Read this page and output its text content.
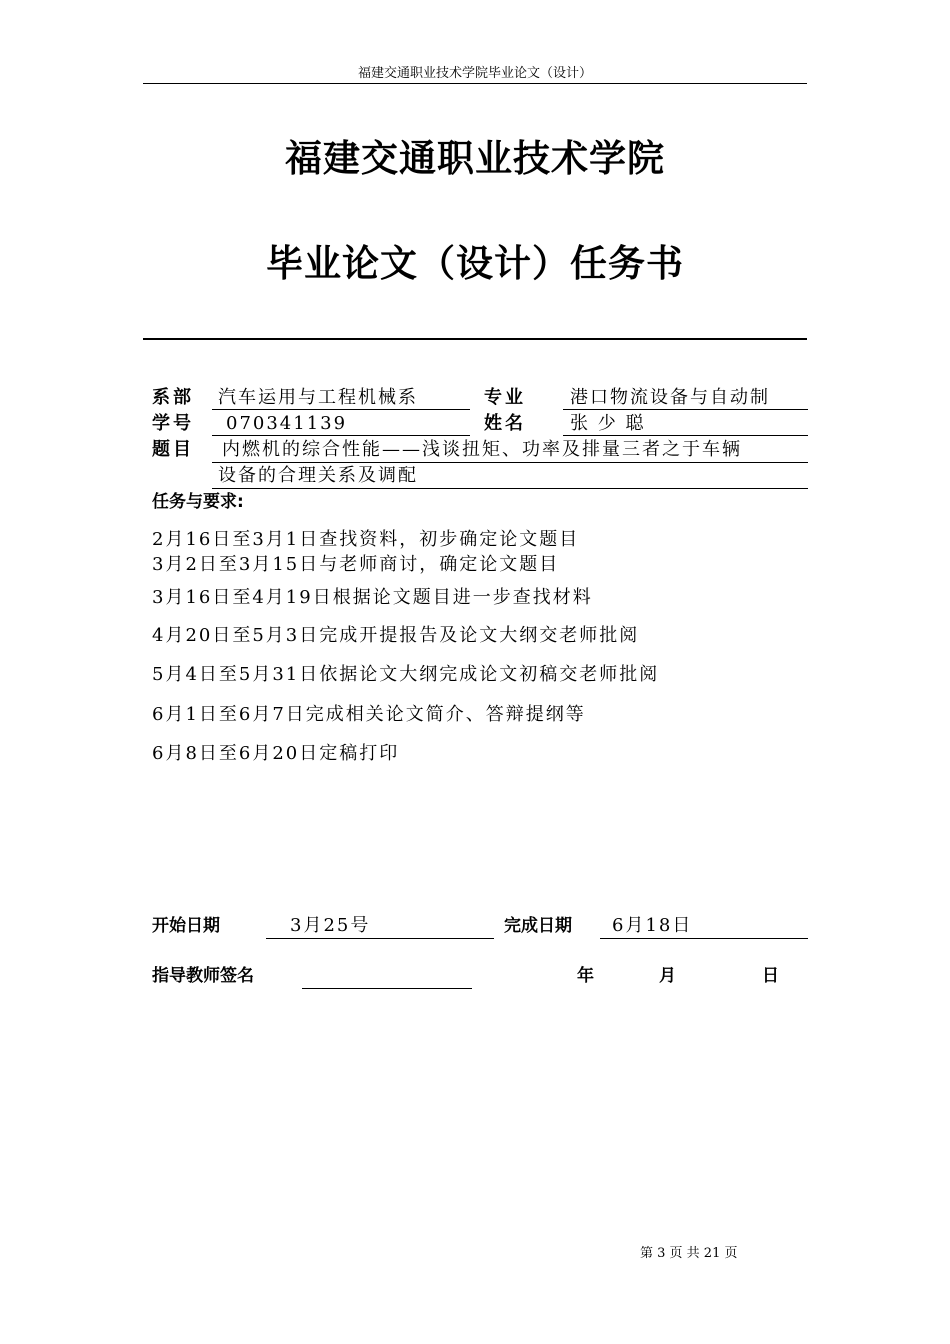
福建交通职业技术学院毕业论文（设计）
福建交通职业技术学院
毕业论文（设计）任务书
系部 汽车运用与工程机械系	专业 港口物流设备与自动制
学号 070341139	姓名 张 少 聪
题目 内燃机的综合性能——浅谈扭矩、功率及排量三者之于车辆
设备的合理关系及调配
任务与要求:
2月16日至3月1日查找资料，初步确定论文题目
3月2日至3月15日与老师商讨，确定论文题目
3月16日至4月19日根据论文题目进一步查找材料
4月20日至5月3日完成开提报告及论文大纲交老师批阅
5月4日至5月31日依据论文大纲完成论文初稿交老师批阅
6月1日至6月7日完成相关论文简介、答辩提纲等
6月8日至6月20日定稿打印
开始日期	3月25号	完成日期 6月18日
指导教师签名	年	月	日
第 3 页 共 21 页
